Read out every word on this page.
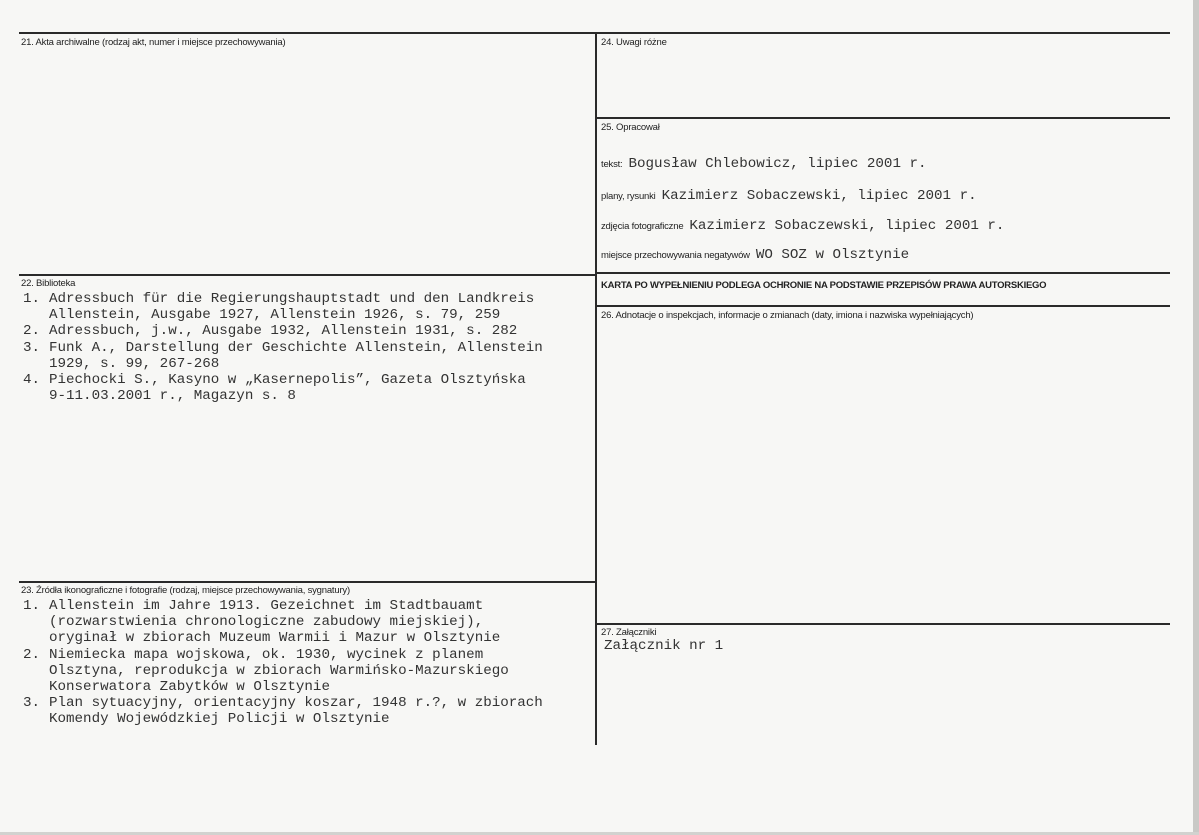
21. Akta archiwalne (rodzaj akt, numer i miejsce przechowywania)
22. Biblioteka
1. Adressbuch für die Regierungshauptstadt und den Landkreis
Allenstein, Ausgabe 1927, Allenstein 1926, s. 79, 259
2. Adressbuch, j.w., Ausgabe 1932, Allenstein 1931, s. 282
3. Funk A., Darstellung der Geschichte Allenstein, Allenstein
1929, s. 99, 267-268
4. Piechocki S., Kasyno w „Kasernepolis”, Gazeta Olsztyńska
9-11.03.2001 r., Magazyn s. 8
23. Źródła ikonograficzne i fotografie (rodzaj, miejsce przechowywania, sygnatury)
1. Allenstein im Jahre 1913. Gezeichnet im Stadtbauamt
(rozwarstwienia chronologiczne zabudowy miejskiej),
oryginał w zbiorach Muzeum Warmii i Mazur w Olsztynie
2. Niemiecka mapa wojskowa, ok. 1930, wycinek z planem
Olsztyna, reprodukcja w zbiorach Warmińsko-Mazurskiego
Konserwatora Zabytków w Olsztynie
3. Plan sytuacyjny, orientacyjny koszar, 1948 r.?, w zbiorach
Komendy Wojewódzkiej Policji w Olsztynie
24. Uwagi różne
25. Opracował
tekst: Bogusław Chlebowicz, lipiec 2001 r.
plany, rysunki Kazimierz Sobaczewski, lipiec 2001 r.
zdjęcia fotograficzne Kazimierz Sobaczewski, lipiec 2001 r.
miejsce przechowywania negatywów WO SOZ w Olsztynie
KARTA PO WYPEŁNIENIU PODLEGA OCHRONIE NA PODSTAWIE PRZEPISÓW PRAWA AUTORSKIEGO
26. Adnotacje o inspekcjach, informacje o zmianach (daty, imiona i nazwiska wypełniających)
27. Załączniki
Załącznik nr 1
